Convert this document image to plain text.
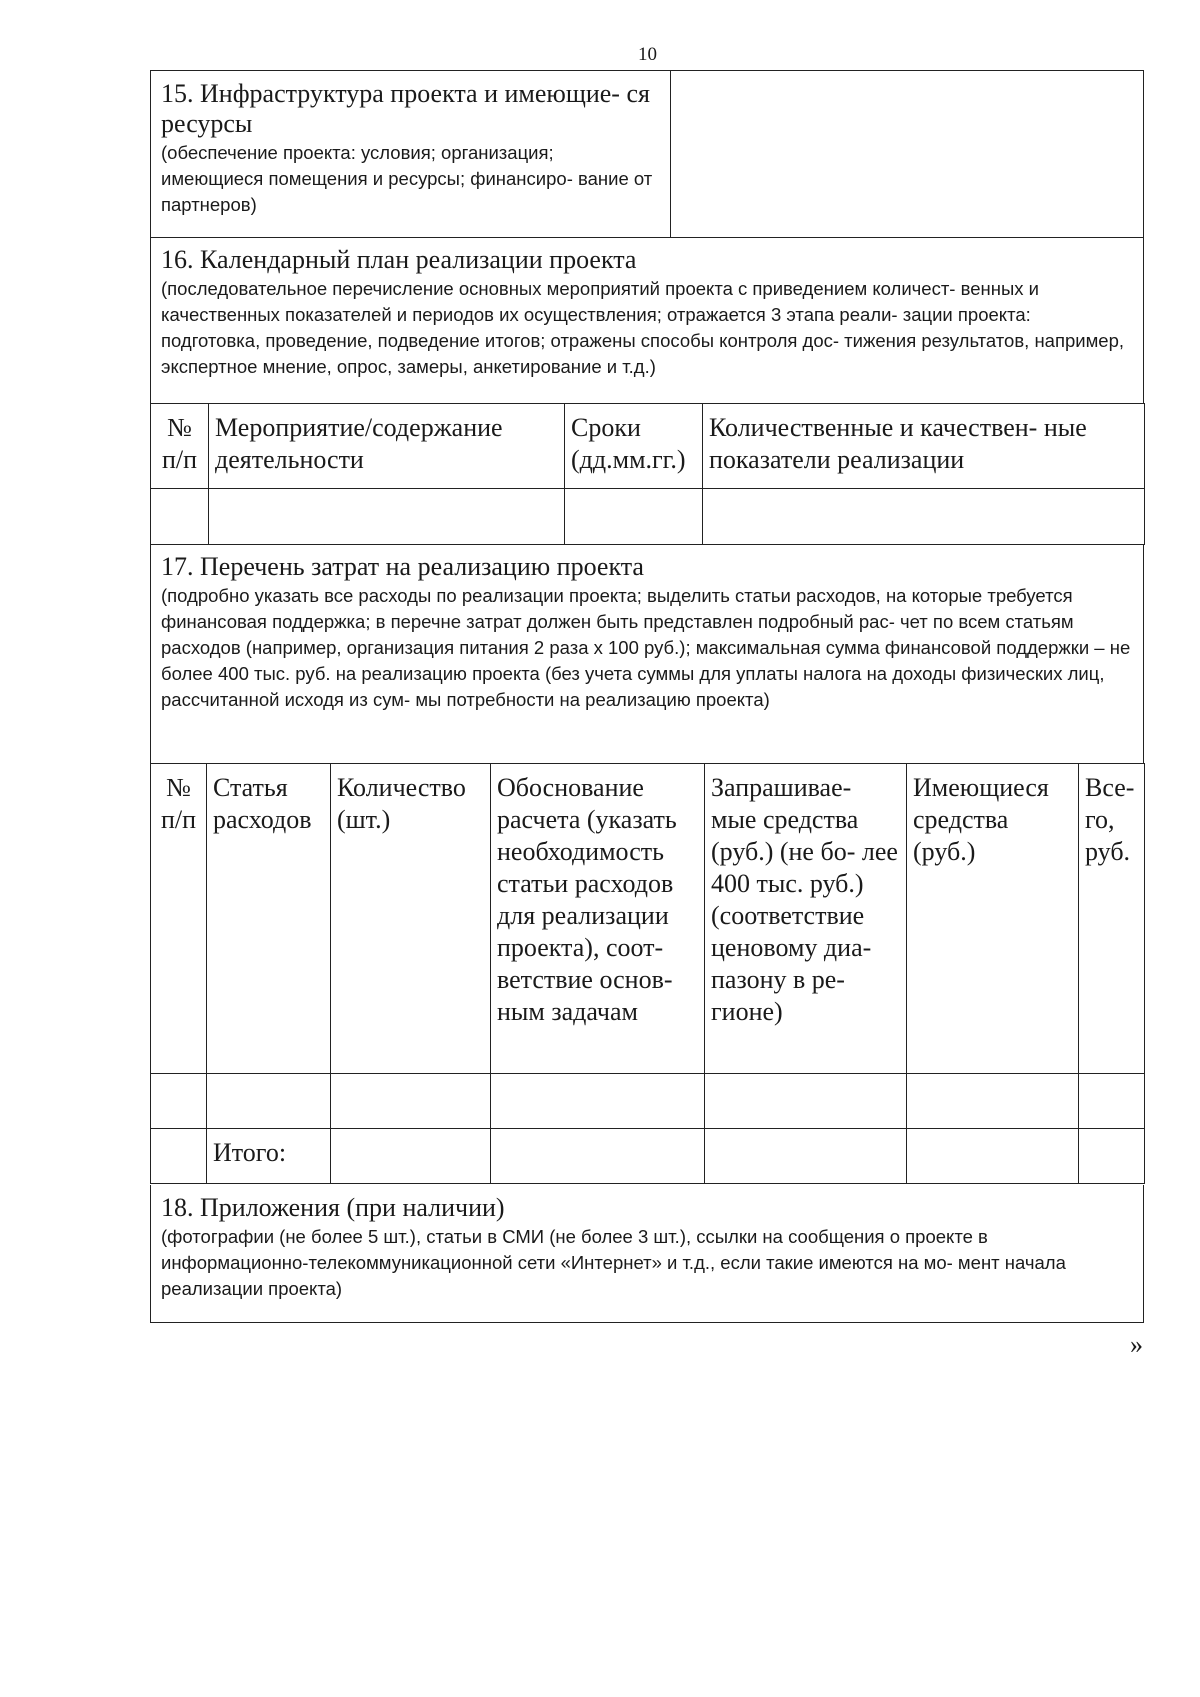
10
15. Инфраструктура проекта и имеющие- ся ресурсы
(обеспечение проекта: условия; организация; имеющиеся помещения и ресурсы; финансиро- вание от партнеров)
16. Календарный план реализации проекта
(последовательное перечисление основных мероприятий проекта с приведением количест- венных и качественных показателей и периодов их осуществления; отражается 3 этапа реали- зации проекта: подготовка, проведение, подведение итогов; отражены способы контроля дос- тижения результатов, например, экспертное мнение, опрос, замеры, анкетирование и т.д.)
№ п/п	Мероприятие/содержание деятельности	Сроки (дд.мм.гг.)	Количественные и качествен- ные показатели реализации

17. Перечень затрат на реализацию проекта
(подробно указать все расходы по реализации проекта; выделить статьи расходов, на которые требуется финансовая поддержка; в перечне затрат должен быть представлен подробный рас- чет по всем статьям расходов (например, организация питания 2 раза х 100 руб.); максимальная сумма финансовой поддержки – не более 400 тыс. руб. на реализацию проекта (без учета суммы для уплаты налога на доходы физических лиц, рассчитанной исходя из сум- мы потребности на реализацию проекта)
№ п/п	Статья расходов	Количество (шт.)	Обоснование расчета (указать необходимость статьи расходов для реализации проекта), соот- ветствие основ- ным задачам	Запрашивае- мые средства (руб.) (не бо- лее 400 тыс. руб.) (соответствие ценовому диа- пазону в ре- гионе)	Имеющиеся средства (руб.)	Все- го, руб.

	Итого:					
18. Приложения (при наличии)
(фотографии (не более 5 шт.), статьи в СМИ (не более 3 шт.), ссылки на сообщения о проекте в информационно-телекоммуникационной сети «Интернет» и т.д., если такие имеются на мо- мент начала реализации проекта)
»
